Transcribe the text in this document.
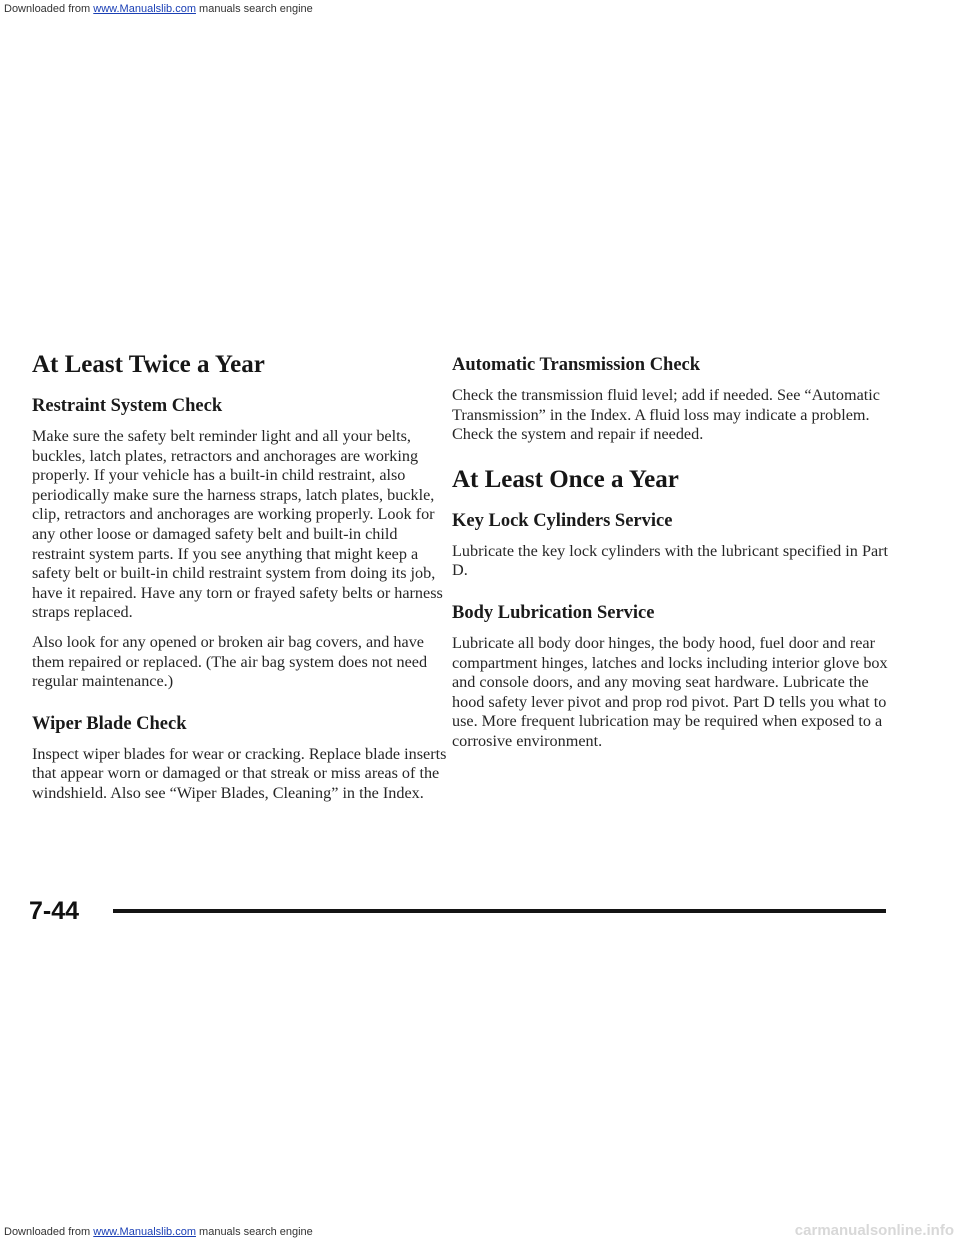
Downloaded from www.Manualslib.com manuals search engine
At Least Twice a Year
Restraint System Check

Make sure the safety belt reminder light and all your belts, buckles, latch plates, retractors and anchorages are working properly. If your vehicle has a built-in child restraint, also periodically make sure the harness straps, latch plates, buckle, clip, retractors and anchorages are working properly. Look for any other loose or damaged safety belt and built-in child restraint system parts. If you see anything that might keep a safety belt or built-in child restraint system from doing its job, have it repaired. Have any torn or frayed safety belts or harness straps replaced.

Also look for any opened or broken air bag covers, and have them repaired or replaced. (The air bag system does not need regular maintenance.)

Wiper Blade Check

Inspect wiper blades for wear or cracking. Replace blade inserts that appear worn or damaged or that streak or miss areas of the windshield. Also see “Wiper Blades, Cleaning” in the Index.

Automatic Transmission Check

Check the transmission fluid level; add if needed. See “Automatic Transmission” in the Index. A fluid loss may indicate a problem. Check the system and repair if needed.

At Least Once a Year
Key Lock Cylinders Service

Lubricate the key lock cylinders with the lubricant specified in Part D.

Body Lubrication Service

Lubricate all body door hinges, the body hood, fuel door and rear compartment hinges, latches and locks including interior glove box and console doors, and any moving seat hardware. Lubricate the hood safety lever pivot and prop rod pivot. Part D tells you what to use. More frequent lubrication may be required when exposed to a corrosive environment.

7-44
Downloaded from www.Manualslib.com manuals search engine	carmanualsonline.info
